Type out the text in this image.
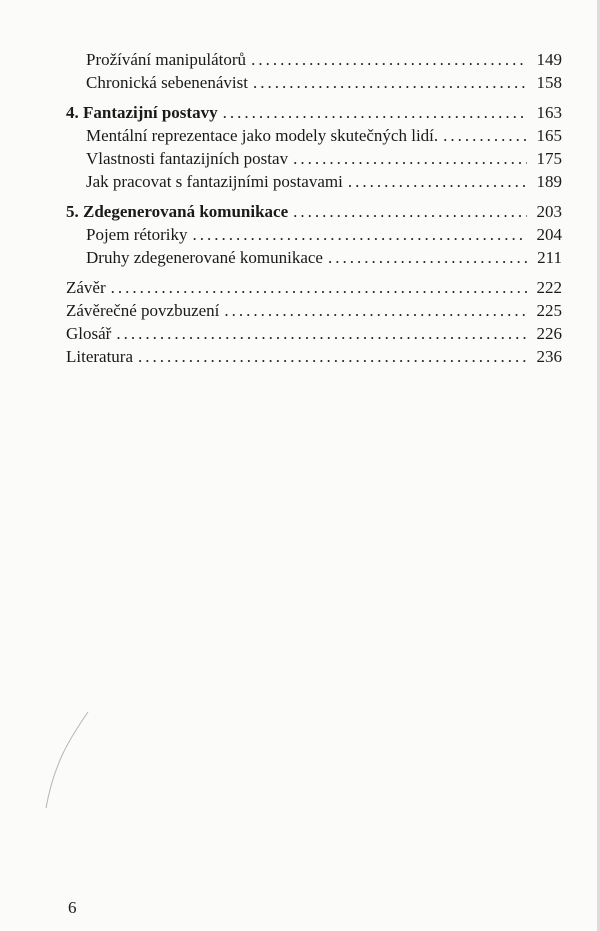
Prožívání manipulátorů .....	149
Chronická sebenenávist .....	158
4. Fantazijní postavy .....	163
Mentální reprezentace jako modely skutečných lidí. .....	165
Vlastnosti fantazijních postav .....	175
Jak pracovat s fantazijními postavami .....	189
5. Zdegenerovaná komunikace .....	203
Pojem rétoriky .....	204
Druhy zdegenerované komunikace .....	211
Závěr .....	222
Závěrečné povzbuzení .....	225
Glosář .....	226
Literatura .....	236
6
